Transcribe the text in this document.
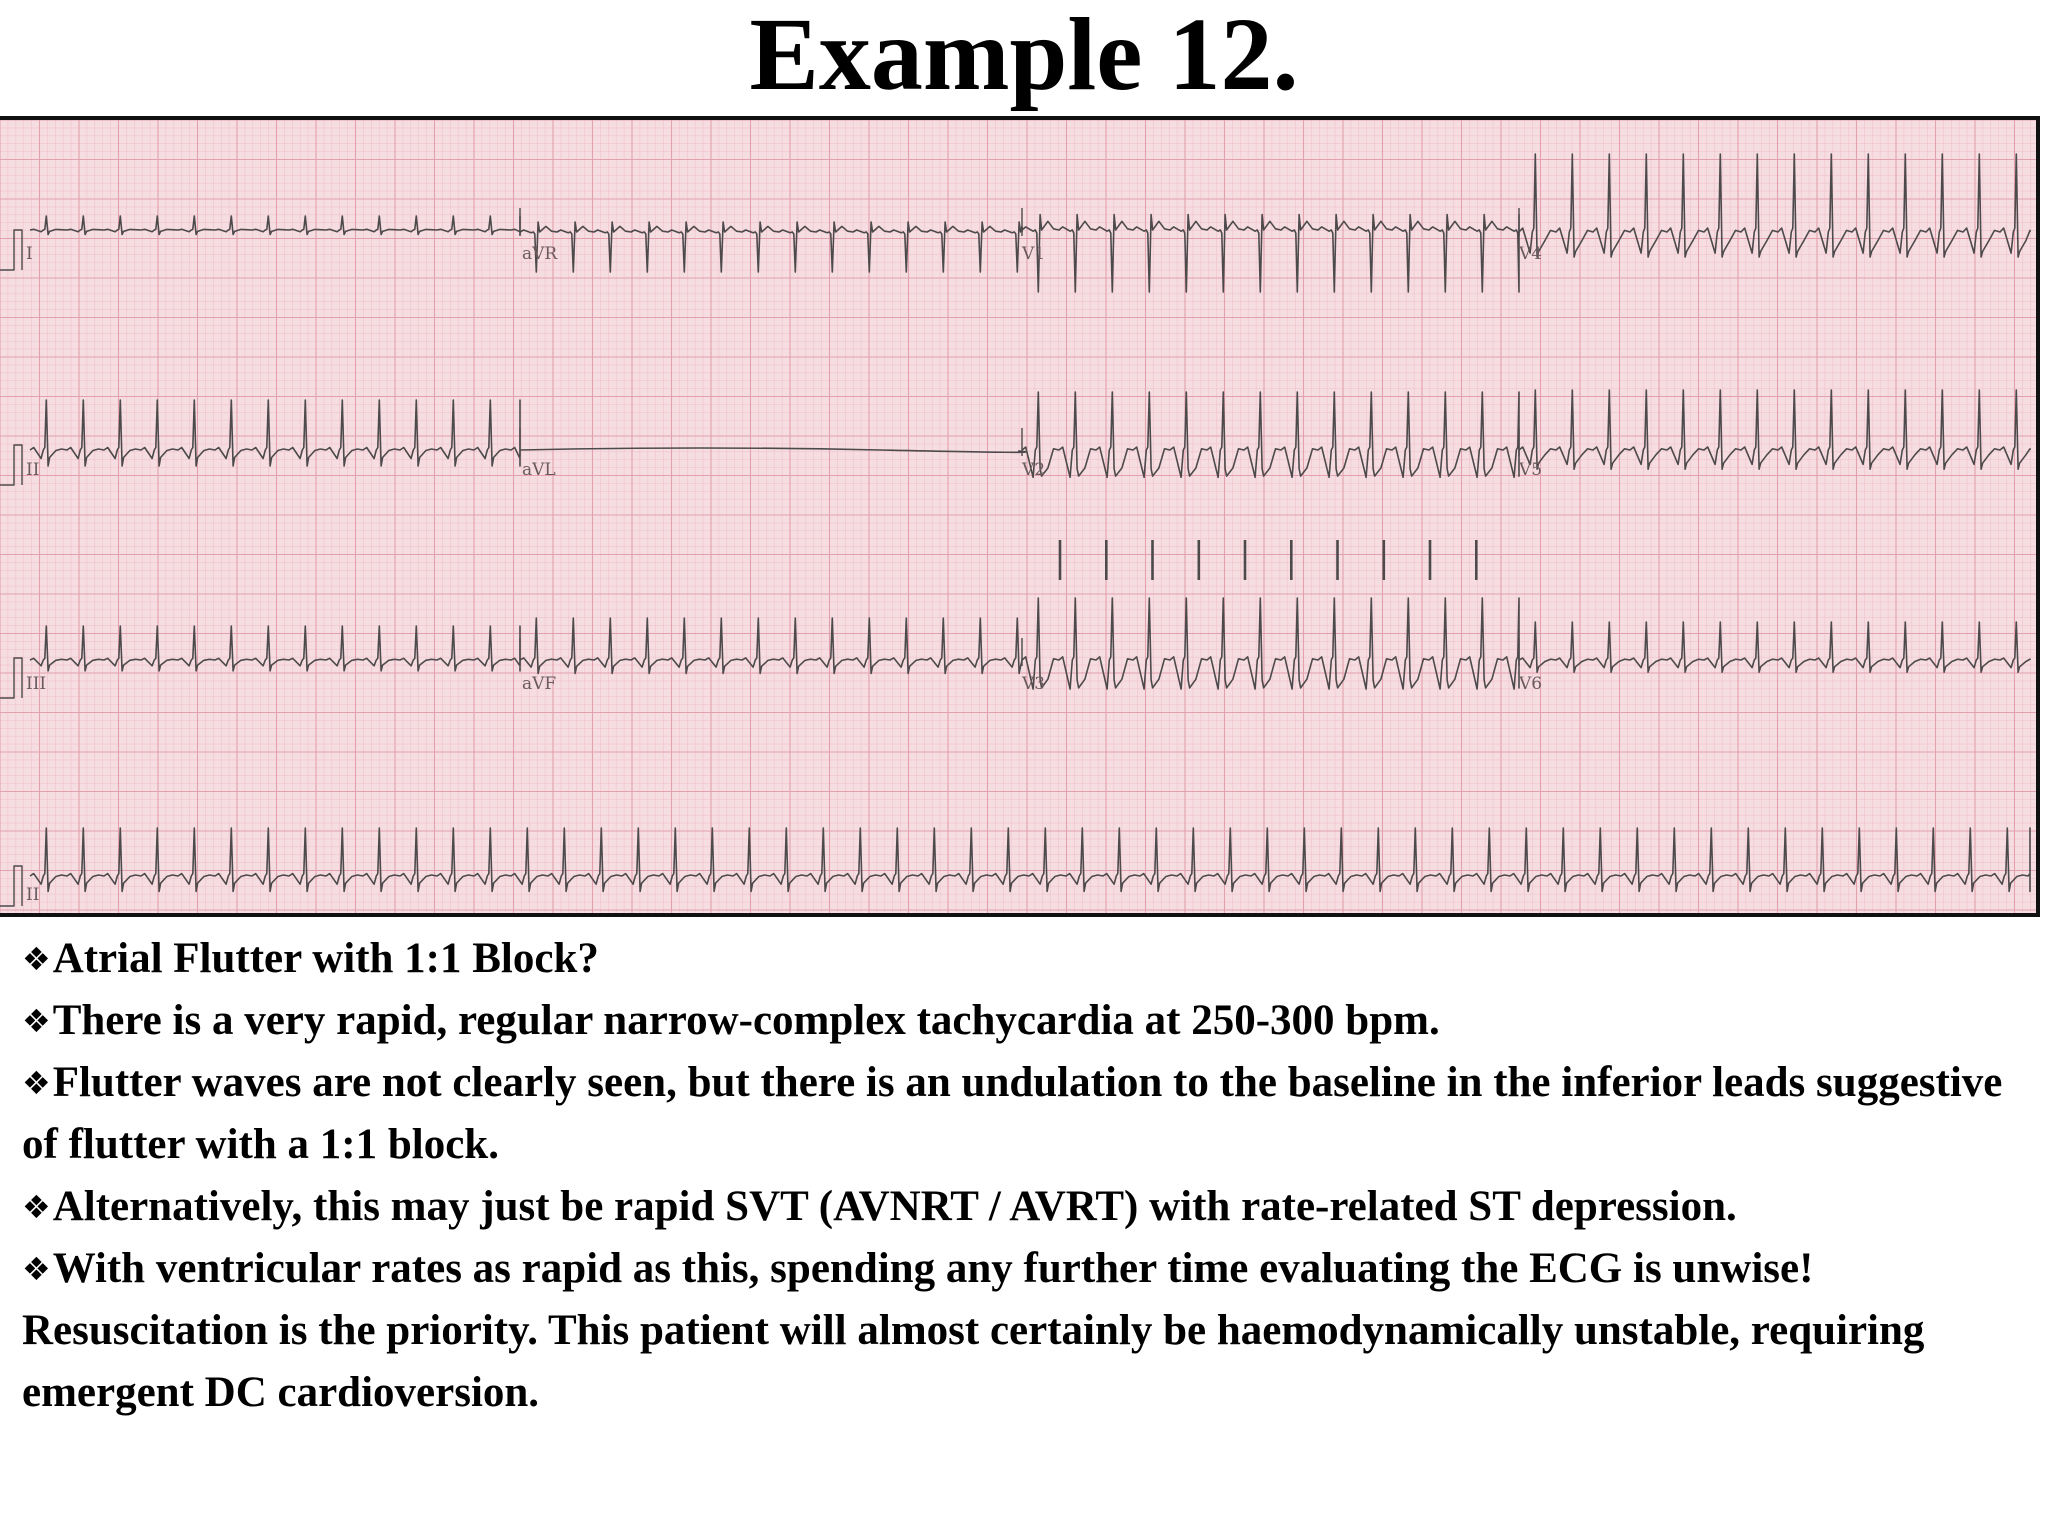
Example 12.
I	aVR	V1	V4
II	aVL	V2	V5
III	aVF	V3	V6
II

❖Atrial Flutter with 1:1 Block?

❖There is a very rapid, regular narrow-complex tachycardia at 250-300 bpm.

❖Flutter waves are not clearly seen, but there is an undulation to the baseline in the inferior leads suggestive of flutter with a 1:1 block.

❖Alternatively, this may just be rapid SVT (AVNRT / AVRT) with rate-related ST depression.

❖With ventricular rates as rapid as this, spending any further time evaluating the ECG is unwise! Resuscitation is the priority. This patient will almost certainly be haemodynamically unstable, requiring emergent DC cardioversion.
